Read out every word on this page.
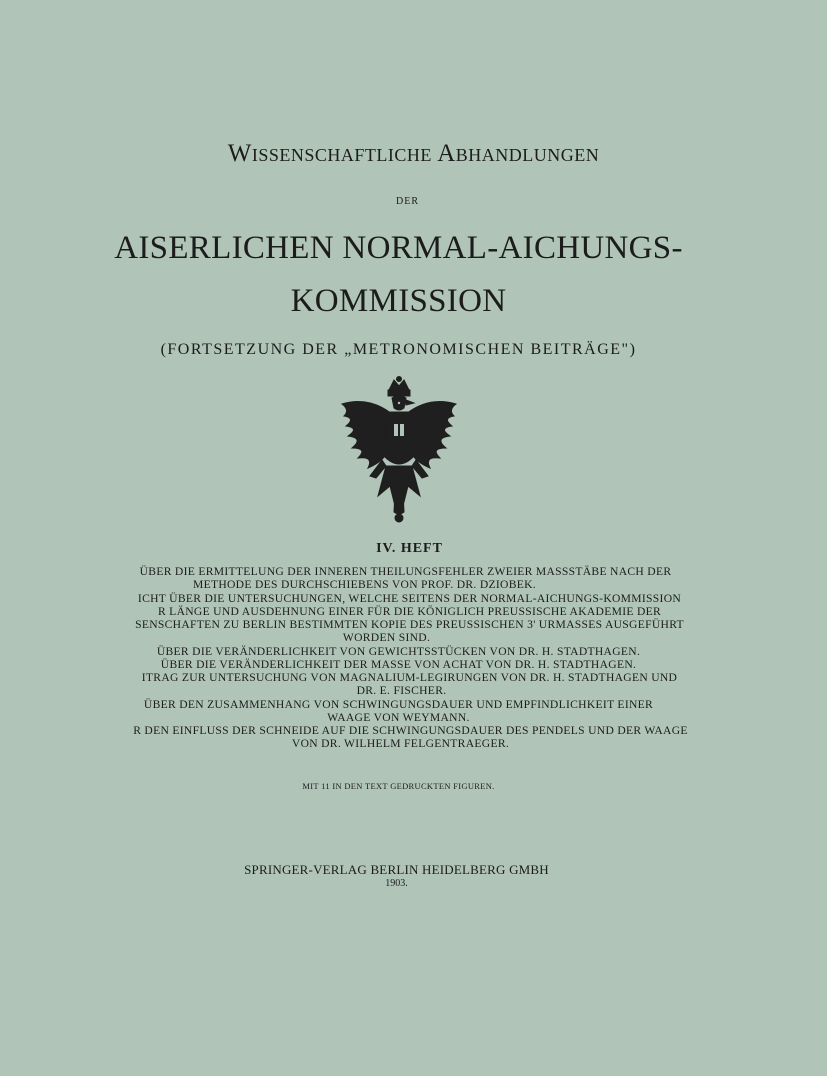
Wissenschaftliche Abhandlungen
DER
AISERLICHEN NORMAL-AICHUNGS-
KOMMISSION
(FORTSETZUNG DER „METRONOMISCHEN BEITRÄGE")
IV. HEFT
ÜBER DIE ERMITTELUNG DER INNEREN THEILUNGSFEHLER ZWEIER MASSSTÄBE NACH DER
METHODE DES DURCHSCHIEBENS VON PROF. DR. DZIOBEK.
ICHT ÜBER DIE UNTERSUCHUNGEN, WELCHE SEITENS DER NORMAL-AICHUNGS-KOMMISSION
R LÄNGE UND AUSDEHNUNG EINER FÜR DIE KÖNIGLICH PREUSSISCHE AKADEMIE DER
SENSCHAFTEN ZU BERLIN BESTIMMTEN KOPIE DES PREUSSISCHEN 3' URMASSES AUSGEFÜHRT
WORDEN SIND.
ÜBER DIE VERÄNDERLICHKEIT VON GEWICHTSSTÜCKEN VON DR. H. STADTHAGEN.
ÜBER DIE VERÄNDERLICHKEIT DER MASSE VON ACHAT VON DR. H. STADTHAGEN.
ITRAG ZUR UNTERSUCHUNG VON MAGNALIUM-LEGIRUNGEN VON DR. H. STADTHAGEN UND
DR. E. FISCHER.
ÜBER DEN ZUSAMMENHANG VON SCHWINGUNGSDAUER UND EMPFINDLICHKEIT EINER
WAAGE VON WEYMANN.
R DEN EINFLUSS DER SCHNEIDE AUF DIE SCHWINGUNGSDAUER DES PENDELS UND DER WAAGE
VON DR. WILHELM FELGENTRAEGER.
MIT 11 IN DEN TEXT GEDRUCKTEN FIGUREN.
SPRINGER-VERLAG BERLIN HEIDELBERG GMBH
1903.
